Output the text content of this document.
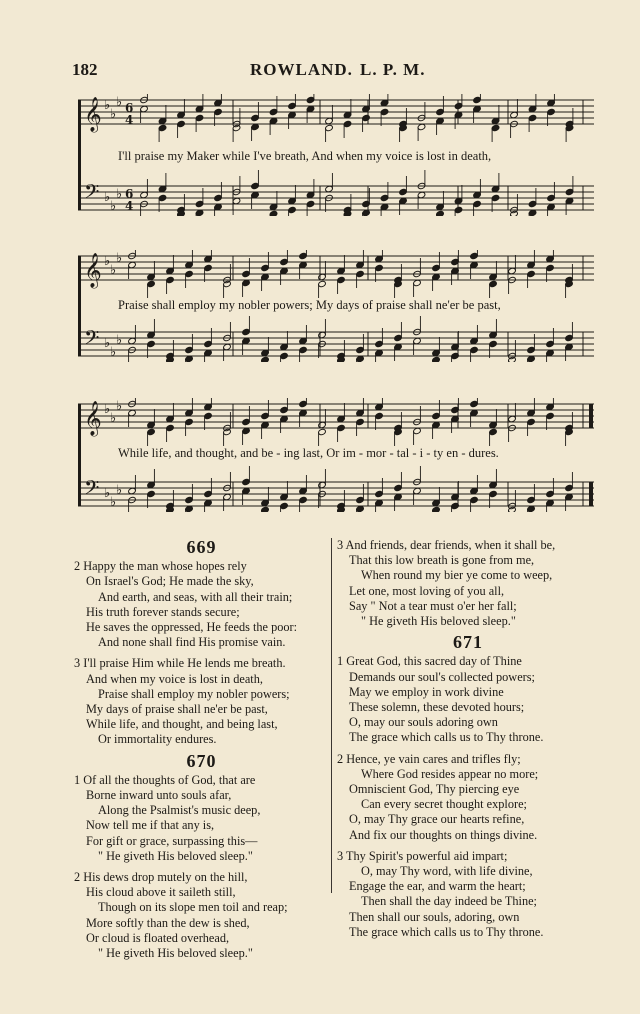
182	ROWLAND. L. P. M.
𝄞 ♭
♭
♭ 6
4
𝄢 ♭
♭
♭ 6
4
I'll praise my Maker while I've breath, And when my voice is lost in death,
𝄞 ♭
♭
♭
𝄢 ♭
♭
♭
Praise shall employ my nobler powers; My days of praise shall ne'er be past,
𝄞 ♭
♭
♭
𝄢 ♭
♭
♭
While life, and thought, and be - ing last, Or im - mor - tal - i - ty en - dures.
669
2 Happy the man whose hopes rely
On Israel's God; He made the sky,
And earth, and seas, with all their train;
His truth forever stands secure;
He saves the oppressed, He feeds the poor:
And none shall find His promise vain.
3 I'll praise Him while He lends me breath.
And when my voice is lost in death,
Praise shall employ my nobler powers;
My days of praise shall ne'er be past,
While life, and thought, and being last,
Or immortality endures.
670
1 Of all the thoughts of God, that are
Borne inward unto souls afar,
Along the Psalmist's music deep,
Now tell me if that any is,
For gift or grace, surpassing this—
" He giveth His beloved sleep."
2 His dews drop mutely on the hill,
His cloud above it saileth still,
Though on its slope men toil and reap;
More softly than the dew is shed,
Or cloud is floated overhead,
" He giveth His beloved sleep."
3 And friends, dear friends, when it shall be,
That this low breath is gone from me,
When round my bier ye come to weep,
Let one, most loving of you all,
Say " Not a tear must o'er her fall;
" He giveth His beloved sleep."
671
1 Great God, this sacred day of Thine
Demands our soul's collected powers;
May we employ in work divine
These solemn, these devoted hours;
O, may our souls adoring own
The grace which calls us to Thy throne.
2 Hence, ye vain cares and trifles fly;
Where God resides appear no more;
Omniscient God, Thy piercing eye
Can every secret thought explore;
O, may Thy grace our hearts refine,
And fix our thoughts on things divine.
3 Thy Spirit's powerful aid impart;
O, may Thy word, with life divine,
Engage the ear, and warm the heart;
Then shall the day indeed be Thine;
Then shall our souls, adoring, own
The grace which calls us to Thy throne.
